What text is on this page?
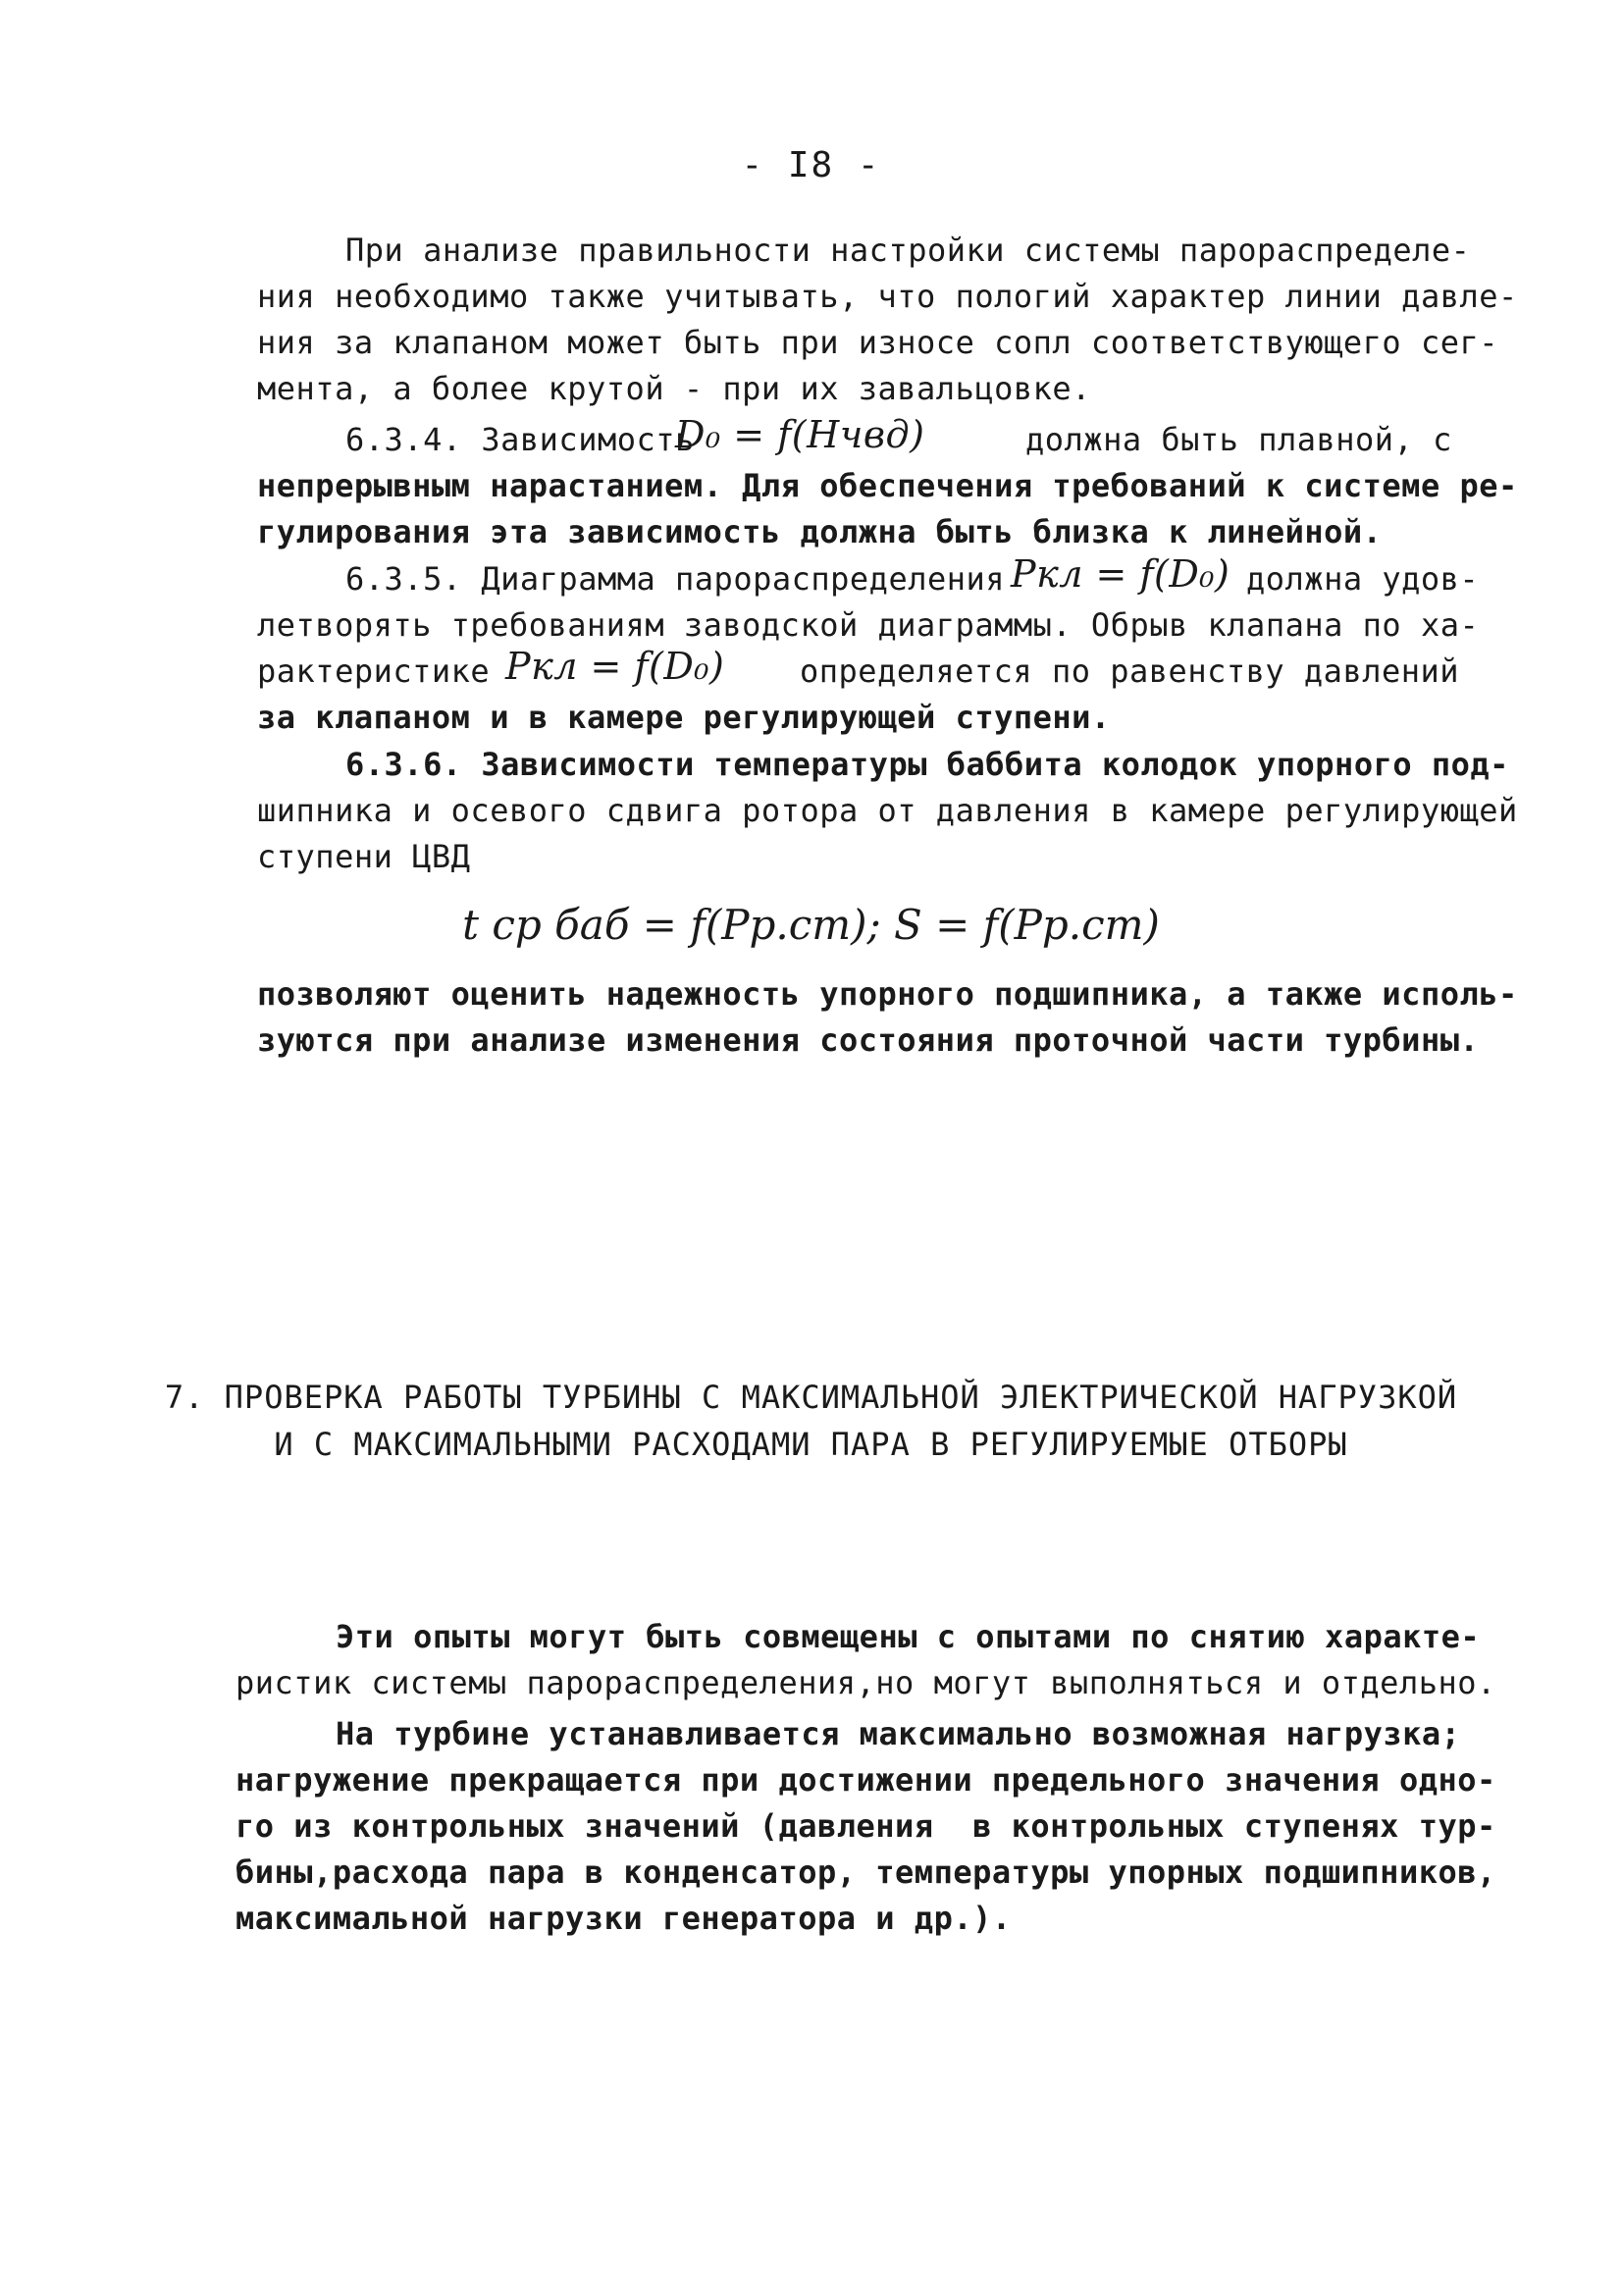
- I8 -
При анализе правильности настройки системы парораспределе-
ния необходимо также учитывать, что пологий характер линии давле-
ния за клапаном может быть при износе сопл соответствующего сег-
мента, а более крутой - при их завальцовке.
6.3.4. Зависимость
D₀ = f(Hчвд)	должна быть плавной, с
непрерывным нарастанием. Для обеспечения требований к системе ре-
гулирования эта зависимость должна быть близка к линейной.
6.3.5. Диаграмма парораспределения Pкл = f(D₀) должна удов-
летворять требованиям заводской диаграммы. Обрыв клапана по ха-
рактеристике Pкл = f(D₀) определяется по равенству давлений
за клапаном и в камере регулирующей ступени.
6.3.6. Зависимости температуры баббита колодок упорного под-
шипника и осевого сдвига ротора от давления в камере регулирующей
ступени ЦВД
t ср баб = f(Pр.ст); S = f(Pр.ст)
позволяют оценить надежность упорного подшипника, а также исполь-
зуются при анализе изменения состояния проточной части турбины.
7. ПРОВЕРКА РАБОТЫ ТУРБИНЫ С МАКСИМАЛЬНОЙ ЭЛЕКТРИЧЕСКОЙ НАГРУЗКОЙ
И С МАКСИМАЛЬНЫМИ РАСХОДАМИ ПАРА В РЕГУЛИРУЕМЫЕ ОТБОРЫ
Эти опыты могут быть совмещены с опытами по снятию характе-
ристик системы парораспределения,но могут выполняться и отдельно.
На турбине устанавливается максимально возможная нагрузка;
нагружение прекращается при достижении предельного значения одно-
го из контрольных значений (давления  в контрольных ступенях тур-
бины,расхода пара в конденсатор, температуры упорных подшипников,
максимальной нагрузки генератора и др.).
